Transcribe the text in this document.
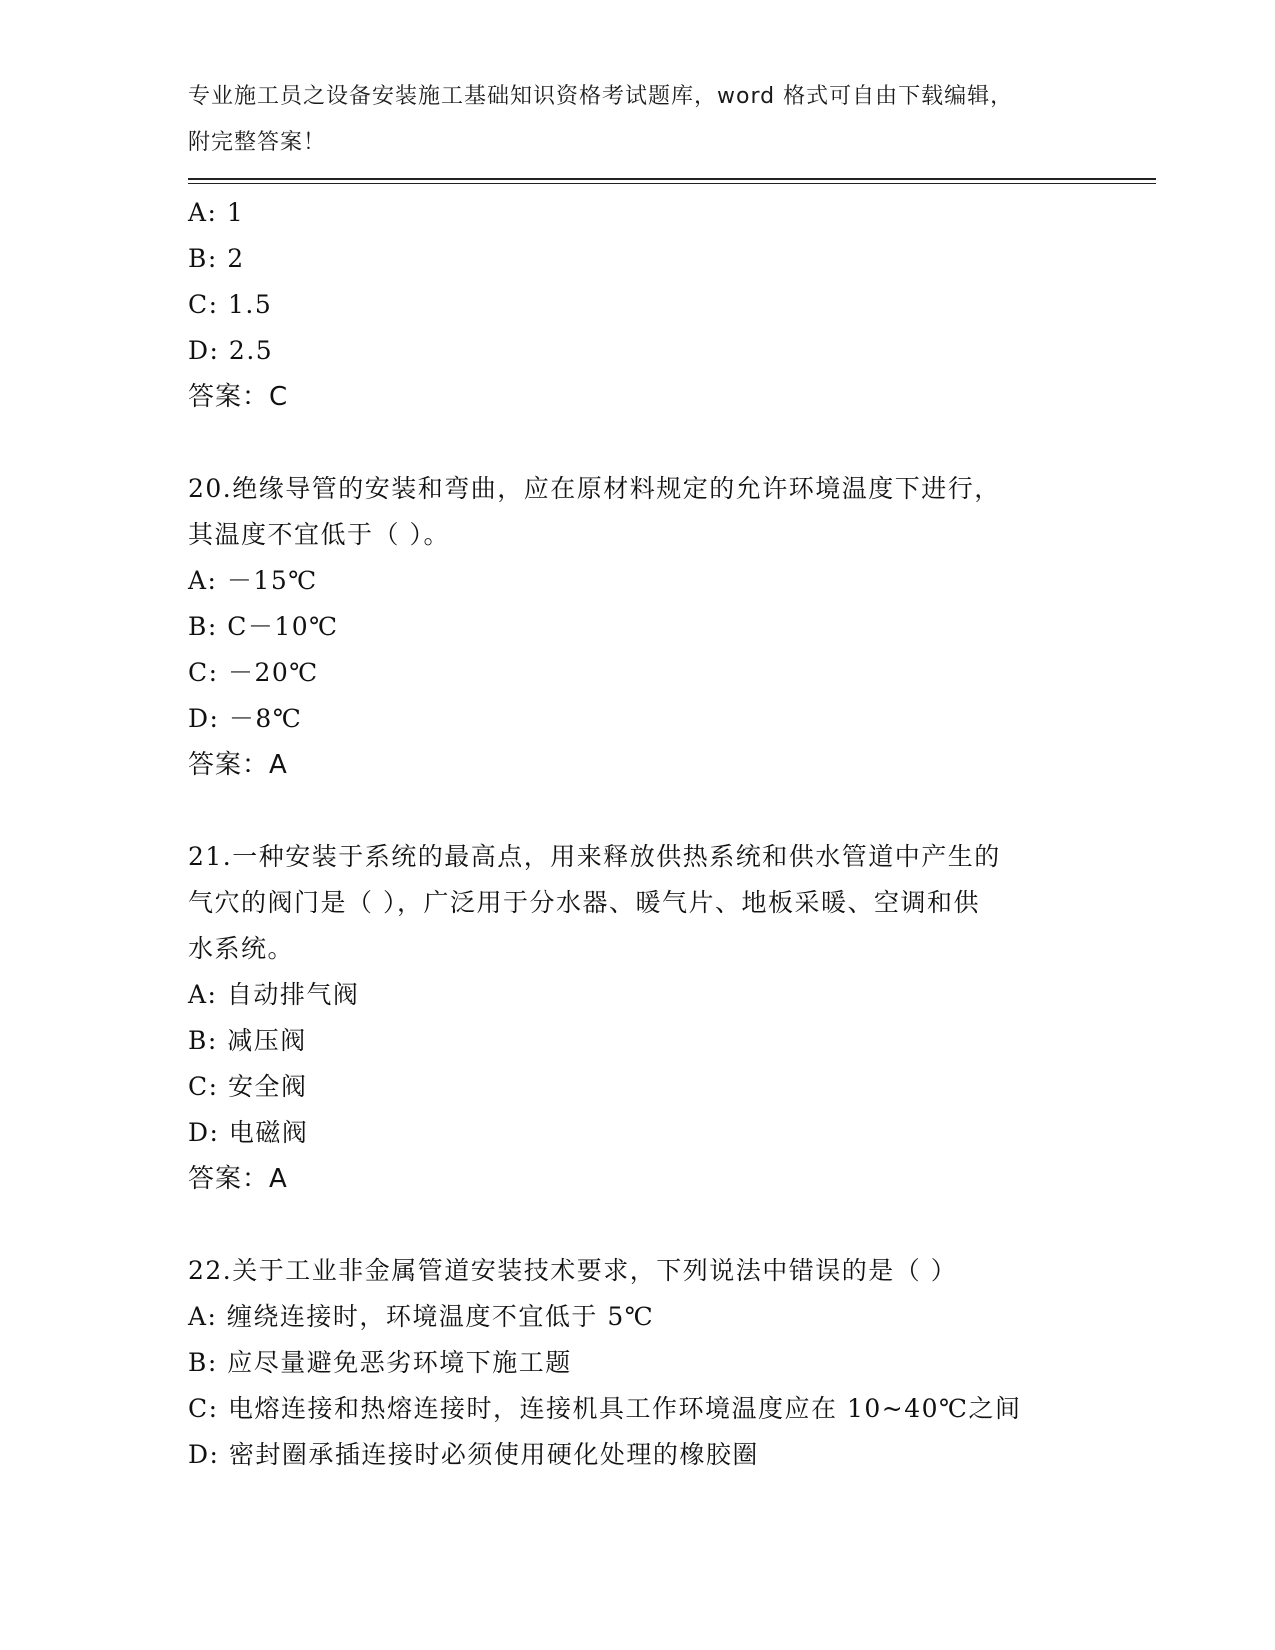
专业施工员之设备安装施工基础知识资格考试题库，word 格式可自由下载编辑，
附完整答案！
A: 1
B: 2
C: 1.5
D: 2.5
答案：C
20.绝缘导管的安装和弯曲，应在原材料规定的允许环境温度下进行，
其温度不宜低于（ ）。
A: －15℃
B: C－10℃
C: －20℃
D: －8℃
答案：A
21.一种安装于系统的最高点，用来释放供热系统和供水管道中产生的
气穴的阀门是（ ），广泛用于分水器、暖气片、地板采暖、空调和供
水系统。
A: 自动排气阀
B: 减压阀
C: 安全阀
D: 电磁阀
答案：A
22.关于工业非金属管道安装技术要求，下列说法中错误的是（ ）
A: 缠绕连接时，环境温度不宜低于 5℃
B: 应尽量避免恶劣环境下施工题
C: 电熔连接和热熔连接时，连接机具工作环境温度应在 10~40℃之间
D: 密封圈承插连接时必须使用硬化处理的橡胶圈
